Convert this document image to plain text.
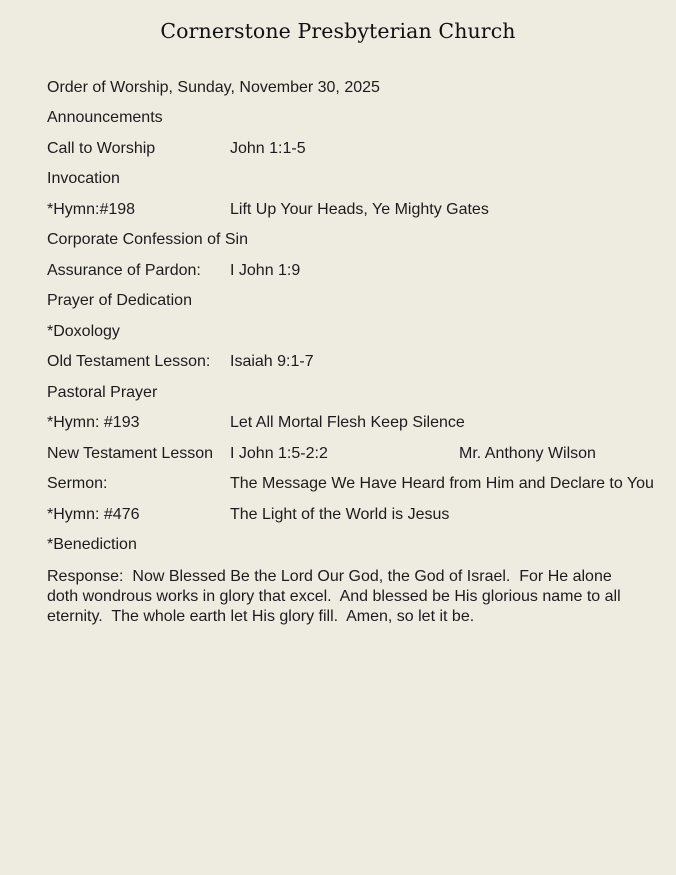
Cornerstone Presbyterian Church
Order of Worship, Sunday, November 30, 2025
Announcements
Call to Worship	John 1:1-5
Invocation
*Hymn:#198	Lift Up Your Heads, Ye Mighty Gates
Corporate Confession of Sin
Assurance of Pardon: I John 1:9
Prayer of Dedication
*Doxology
Old Testament Lesson: Isaiah 9:1-7
Pastoral Prayer
*Hymn: #193	Let All Mortal Flesh Keep Silence
New Testament Lesson I John 1:5-2:2	Mr. Anthony Wilson
Sermon:	The Message We Have Heard from Him and Declare to You
*Hymn: #476	The Light of the World is Jesus
*Benediction
Response:  Now Blessed Be the Lord Our God, the God of Israel.  For He alone doth wondrous works in glory that excel.  And blessed be His glorious name to all eternity.  The whole earth let His glory fill.  Amen, so let it be.
